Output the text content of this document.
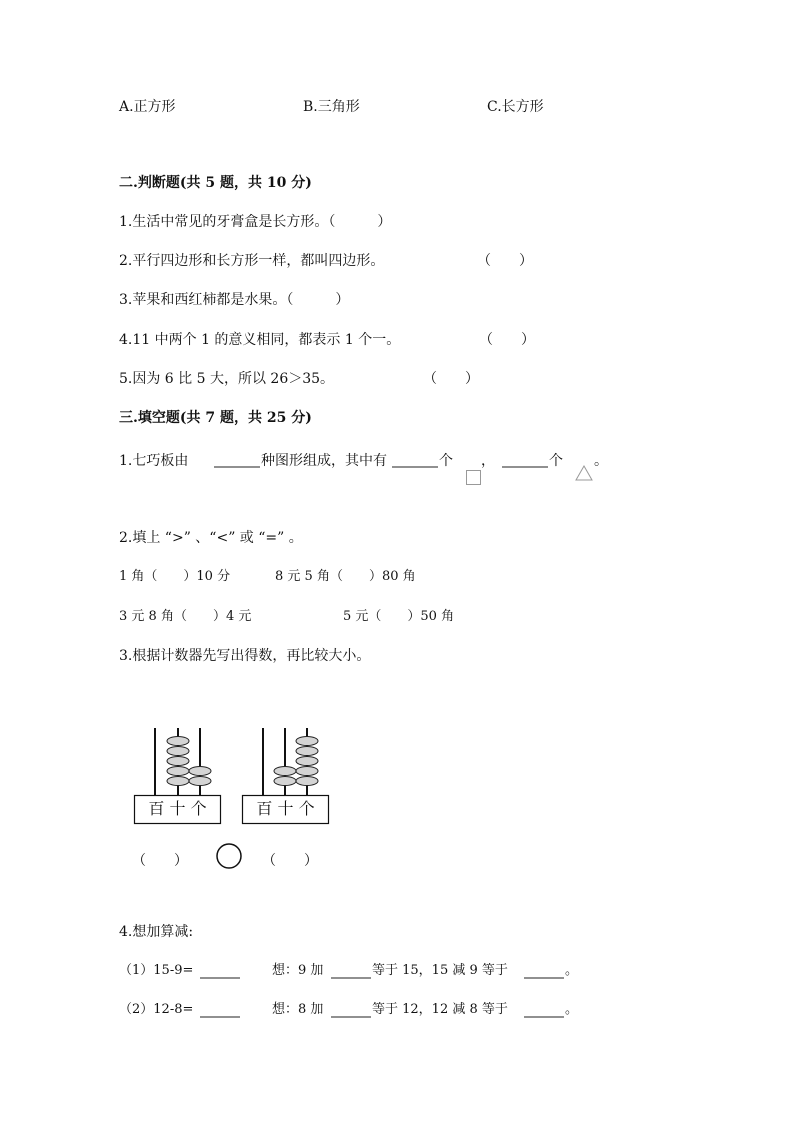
A.正方形	B.三角形	C.长方形
二.判断题(共 5 题，共 10 分)
1.生活中常见的牙膏盒是长方形。（　　　）
2.平行四边形和长方形一样，都叫四边形。	（　　）
3.苹果和西红柿都是水果。（　　　）
4.11 中两个 1 的意义相同，都表示 1 个一。	（　　）
5.因为 6 比 5 大，所以 26＞35。	（　　）
三.填空题(共 7 题，共 25 分)
1.七巧板由	种图形组成，其中有	个 ，	个 。
2.填上 “>” 、“<” 或 “=” 。
1 角（　　）10 分	8 元 5 角（　　）80 角
3 元 8 角（　　）4 元	5 元（　　）50 角
3.根据计数器先写出得数，再比较大小。
百 十 个	百 十 个
（　　）	（　　）
4.想加算减:
（1）15-9=	想：9 加	等于 15，15 减 9 等于	。
（2）12-8=	想：8 加	等于 12，12 减 8 等于	。
